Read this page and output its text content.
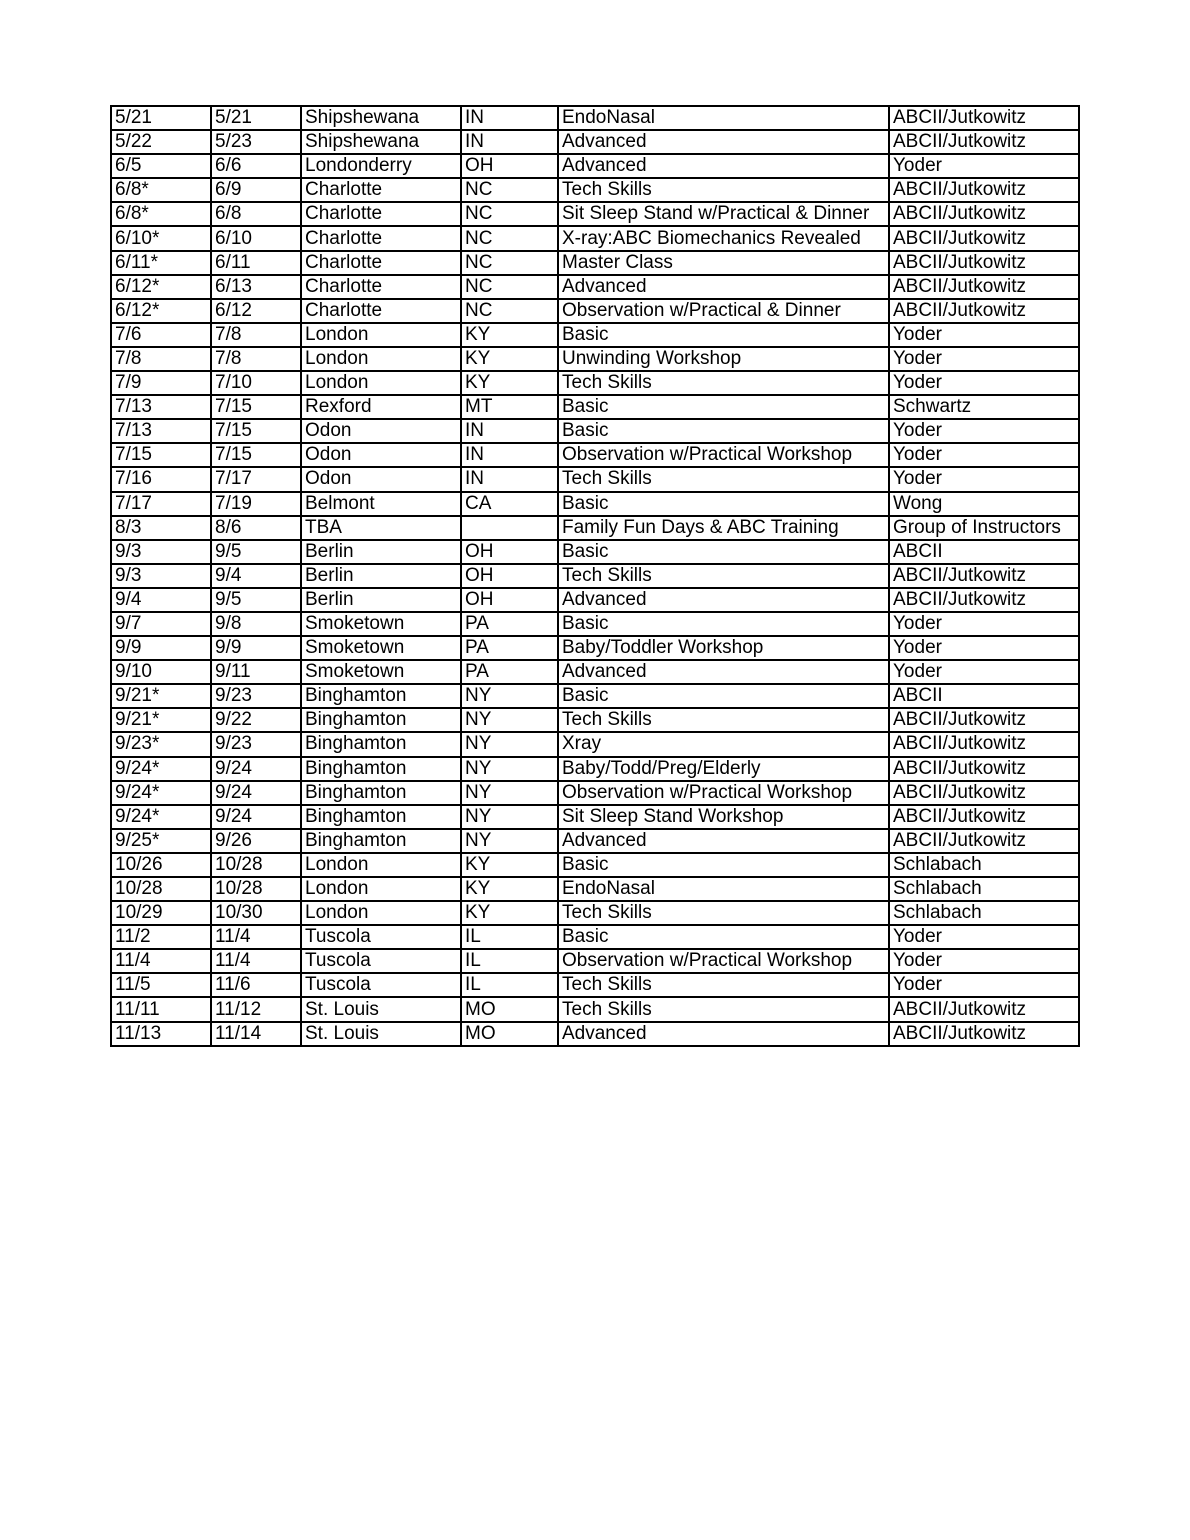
5/21	5/21	Shipshewana	IN	EndoNasal	ABCII/Jutkowitz
5/22	5/23	Shipshewana	IN	Advanced	ABCII/Jutkowitz
6/5	6/6	Londonderry	OH	Advanced	Yoder
6/8*	6/9	Charlotte	NC	Tech Skills	ABCII/Jutkowitz
6/8*	6/8	Charlotte	NC	Sit Sleep Stand w/Practical & Dinner	ABCII/Jutkowitz
6/10*	6/10	Charlotte	NC	X-ray:ABC Biomechanics Revealed	ABCII/Jutkowitz
6/11*	6/11	Charlotte	NC	Master Class	ABCII/Jutkowitz
6/12*	6/13	Charlotte	NC	Advanced	ABCII/Jutkowitz
6/12*	6/12	Charlotte	NC	Observation w/Practical & Dinner	ABCII/Jutkowitz
7/6	7/8	London	KY	Basic	Yoder
7/8	7/8	London	KY	Unwinding Workshop	Yoder
7/9	7/10	London	KY	Tech Skills	Yoder
7/13	7/15	Rexford	MT	Basic	Schwartz
7/13	7/15	Odon	IN	Basic	Yoder
7/15	7/15	Odon	IN	Observation w/Practical Workshop	Yoder
7/16	7/17	Odon	IN	Tech Skills	Yoder
7/17	7/19	Belmont	CA	Basic	Wong
8/3	8/6	TBA		Family Fun Days & ABC Training	Group of Instructors
9/3	9/5	Berlin	OH	Basic	ABCII
9/3	9/4	Berlin	OH	Tech Skills	ABCII/Jutkowitz
9/4	9/5	Berlin	OH	Advanced	ABCII/Jutkowitz
9/7	9/8	Smoketown	PA	Basic	Yoder
9/9	9/9	Smoketown	PA	Baby/Toddler Workshop	Yoder
9/10	9/11	Smoketown	PA	Advanced	Yoder
9/21*	9/23	Binghamton	NY	Basic	ABCII
9/21*	9/22	Binghamton	NY	Tech Skills	ABCII/Jutkowitz
9/23*	9/23	Binghamton	NY	Xray	ABCII/Jutkowitz
9/24*	9/24	Binghamton	NY	Baby/Todd/Preg/Elderly	ABCII/Jutkowitz
9/24*	9/24	Binghamton	NY	Observation w/Practical Workshop	ABCII/Jutkowitz
9/24*	9/24	Binghamton	NY	Sit Sleep Stand Workshop	ABCII/Jutkowitz
9/25*	9/26	Binghamton	NY	Advanced	ABCII/Jutkowitz
10/26	10/28	London	KY	Basic	Schlabach
10/28	10/28	London	KY	EndoNasal	Schlabach
10/29	10/30	London	KY	Tech Skills	Schlabach
11/2	11/4	Tuscola	IL	Basic	Yoder
11/4	11/4	Tuscola	IL	Observation w/Practical Workshop	Yoder
11/5	11/6	Tuscola	IL	Tech Skills	Yoder
11/11	11/12	St. Louis	MO	Tech Skills	ABCII/Jutkowitz
11/13	11/14	St. Louis	MO	Advanced	ABCII/Jutkowitz
